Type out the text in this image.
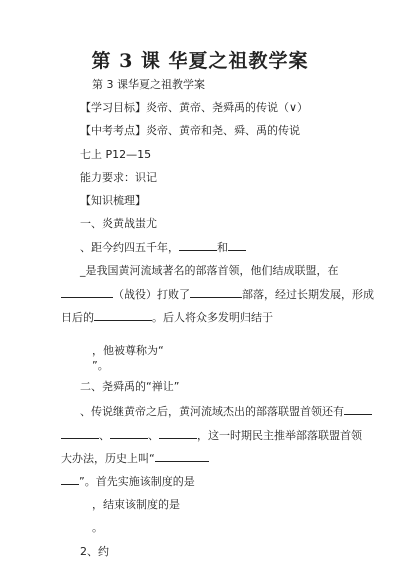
第 3 课 华夏之祖教学案
第 3 课华夏之祖教学案
【学习目标】炎帝、黄帝、尧舜禹的传说（∨）
【中考考点】炎帝、黄帝和尧、舜、禹的传说
七上 P12—15
能力要求：识记
【知识梳理】
一、炎黄战蚩尤
、距今约四五千年，	和
_是我国黄河流域著名的部落首领，他们结成联盟，在
（战役）打败了	部落，经过长期发展，形成
日后的	。后人将众多发明归结于
，他被尊称为“
”。
二、尧舜禹的“禅让”
、传说继黄帝之后，黄河流域杰出的部落联盟首领还有
、	、	，这一时期民主推举部落联盟首领
大办法，历史上叫“
”。首先实施该制度的是
，结束该制度的是
。
2、约
